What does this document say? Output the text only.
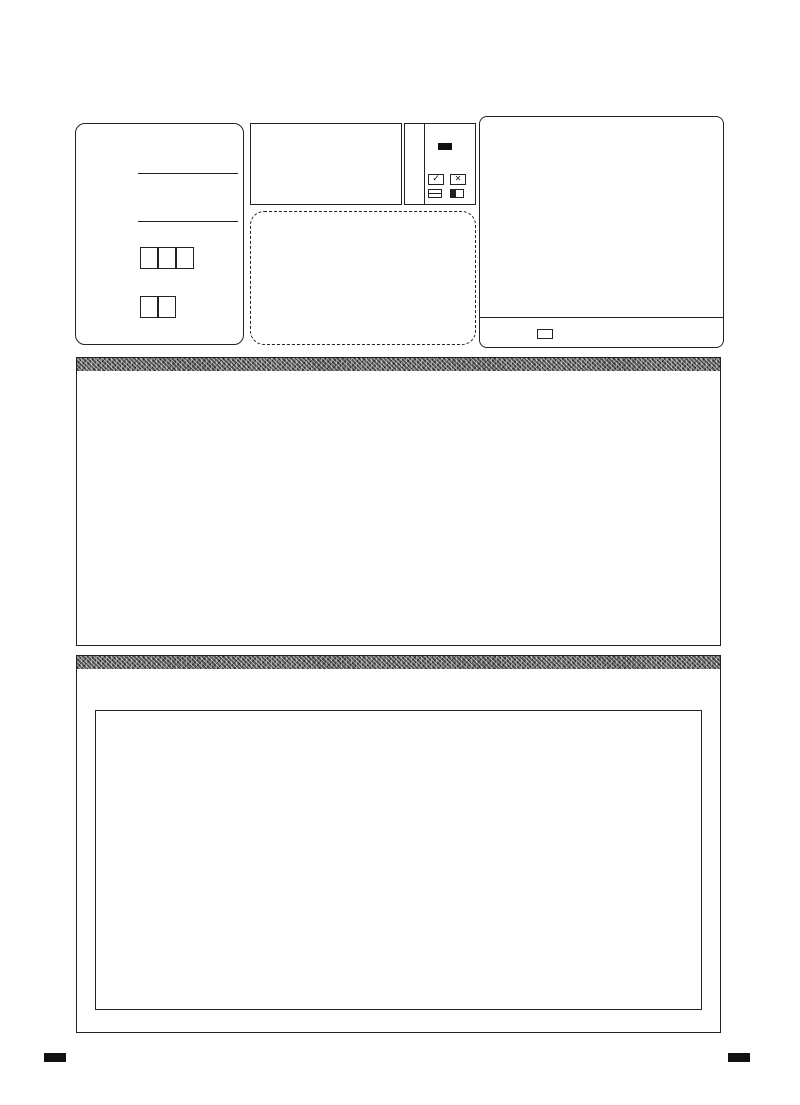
✓	✕
